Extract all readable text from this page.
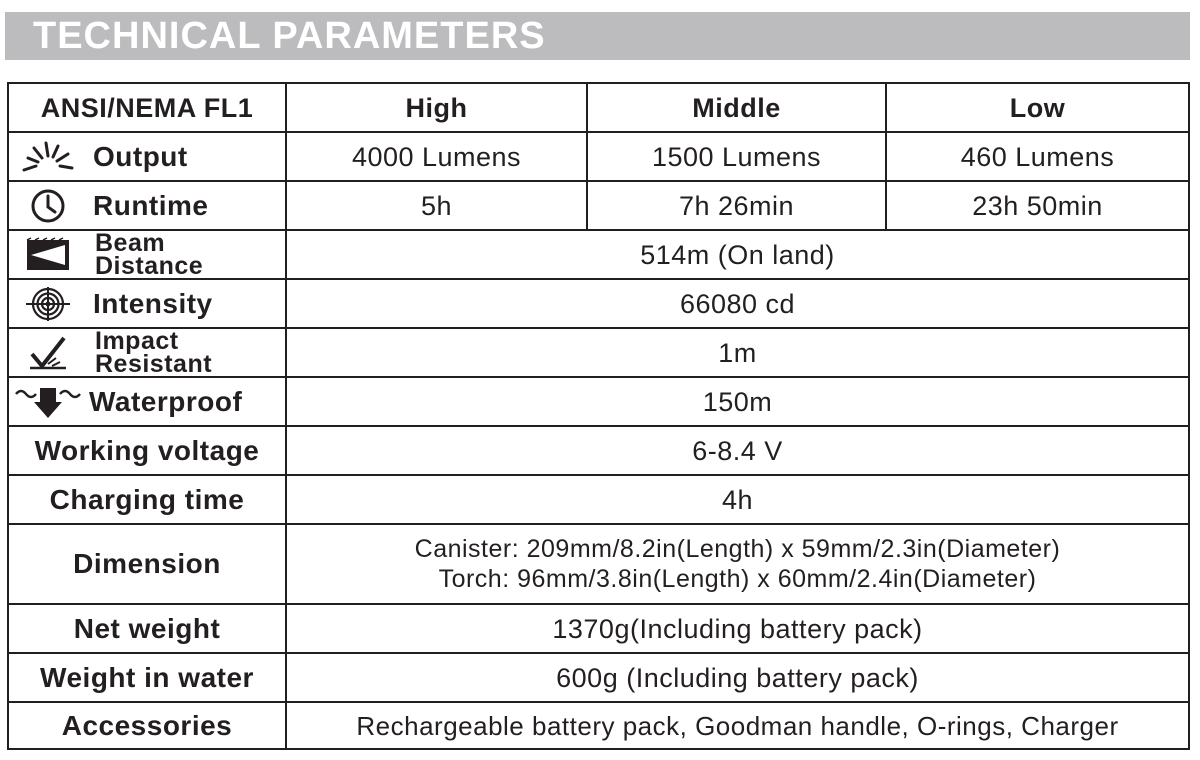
TECHNICAL PARAMETERS
ANSI/NEMA FL1	High	Middle	Low

Output	4000 Lumens	1500 Lumens	460 Lumens

Runtime	5h	7h 26min	23h 50min

Beam
Distance	514m (On land)		

Intensity	66080 cd		

Impact
Resistant	1m		

Waterproof	150m		
Working voltage	6-8.4 V		
Charging time	4h		
Dimension	Canister: 209mm/8.2in(Length) x 59mm/2.3in(Diameter)
Torch: 96mm/3.8in(Length) x 60mm/2.4in(Diameter)		

Net weight	1370g(Including battery pack)		
Weight in water	600g (Including battery pack)		
Accessories	Rechargeable battery pack, Goodman handle, O-rings, Charger		
